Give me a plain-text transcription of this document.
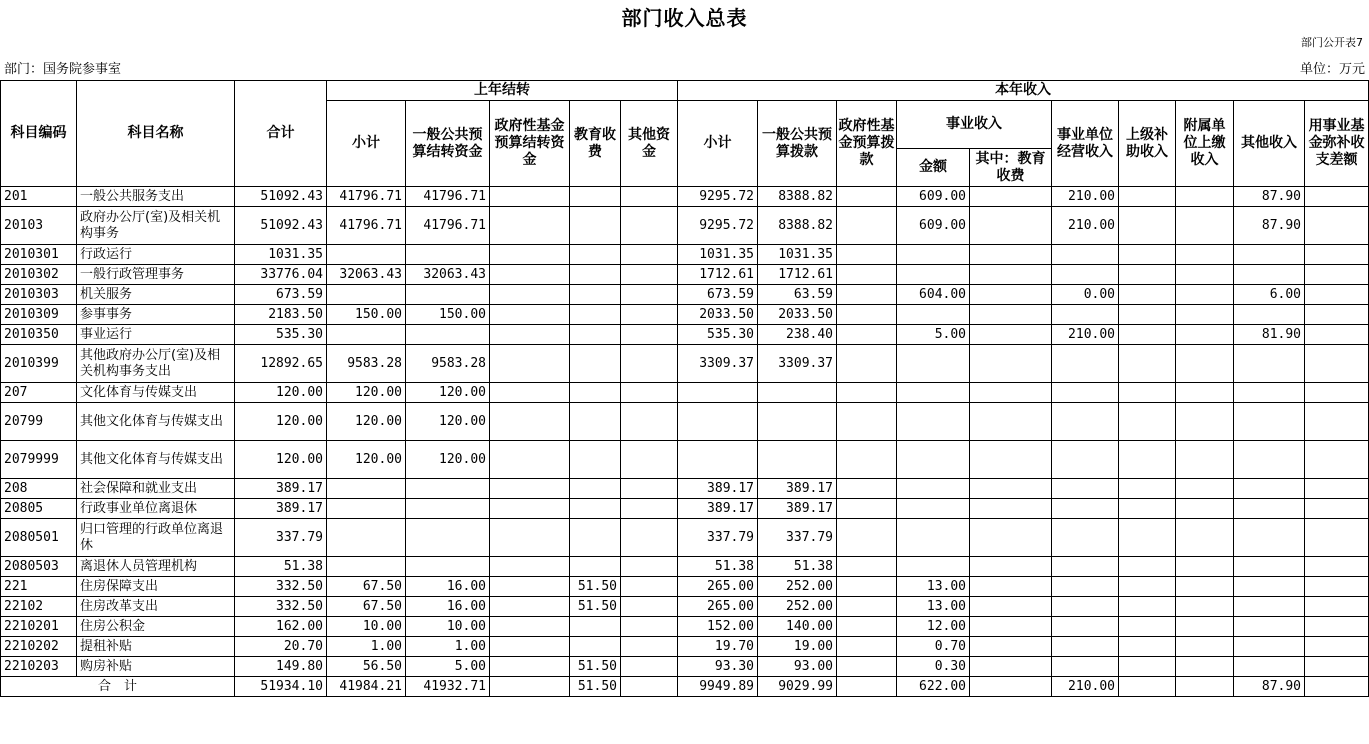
部门收入总表
部门公开表7
部门：国务院参事室	单位：万元
科目编码	科目名称	合计	上年结转					本年收入									
			小计	一般公共预算结转资金	政府性基金预算结转资金	教育收费	其他资金	小计	一般公共预算拨款	政府性基金预算拨款	事业收入		事业单位经营收入	上级补助收入	附属单位上缴收入	其他收入	用事业基金弥补收支差额
											金额	其中：教育收费					
201	一般公共服务支出	51092.43	41796.71	41796.71				9295.72	8388.82		609.00		210.00			87.90	
20103	政府办公厅(室)及相关机构事务	51092.43	41796.71	41796.71				9295.72	8388.82		609.00		210.00			87.90	
2010301	行政运行	1031.35						1031.35	1031.35								
2010302	一般行政管理事务	33776.04	32063.43	32063.43				1712.61	1712.61								
2010303	机关服务	673.59						673.59	63.59		604.00		0.00			6.00	
2010309	参事事务	2183.50	150.00	150.00				2033.50	2033.50								
2010350	事业运行	535.30						535.30	238.40		5.00		210.00			81.90	
2010399	其他政府办公厅(室)及相关机构事务支出	12892.65	9583.28	9583.28				3309.37	3309.37								
207	文化体育与传媒支出	120.00	120.00	120.00													
20799	其他文化体育与传媒支出	120.00	120.00	120.00													
2079999	其他文化体育与传媒支出	120.00	120.00	120.00													
208	社会保障和就业支出	389.17						389.17	389.17								
20805	行政事业单位离退休	389.17						389.17	389.17								
2080501	归口管理的行政单位离退休	337.79						337.79	337.79								
2080503	离退休人员管理机构	51.38						51.38	51.38								
221	住房保障支出	332.50	67.50	16.00		51.50		265.00	252.00		13.00						
22102	住房改革支出	332.50	67.50	16.00		51.50		265.00	252.00		13.00						
2210201	住房公积金	162.00	10.00	10.00				152.00	140.00		12.00						
2210202	提租补贴	20.70	1.00	1.00				19.70	19.00		0.70						
2210203	购房补贴	149.80	56.50	5.00		51.50		93.30	93.00		0.30						
合　计		51934.10	41984.21	41932.71		51.50		9949.89	9029.99		622.00		210.00			87.90	
